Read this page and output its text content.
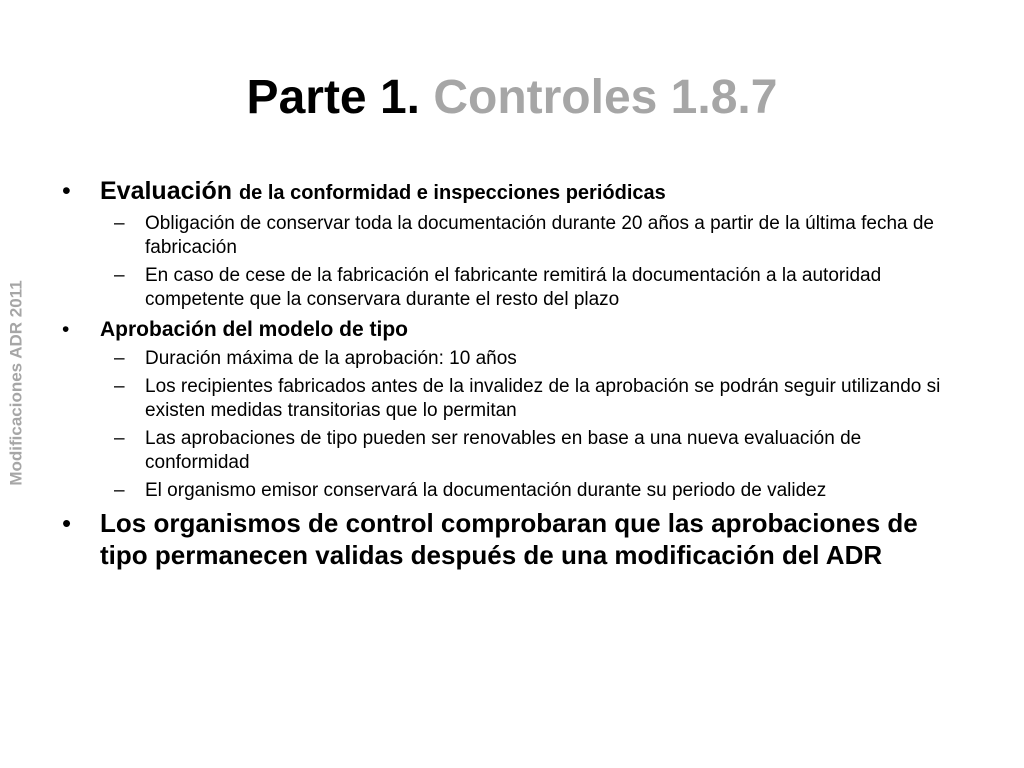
Parte 1. Controles 1.8.7
Modificaciones ADR 2011
• Evaluación de la conformidad e inspecciones periódicas
– Obligación de conservar toda la documentación durante 20 años a partir de la última fecha de fabricación
– En caso de cese de la fabricación el fabricante remitirá la documentación a la autoridad competente que la conservara durante el resto del plazo
• Aprobación del modelo de tipo
– Duración máxima de la aprobación: 10 años
– Los recipientes fabricados antes de la invalidez de la aprobación se podrán seguir utilizando si existen medidas transitorias que lo permitan
– Las aprobaciones de tipo pueden ser renovables en base a una nueva evaluación de conformidad
– El organismo emisor conservará la documentación durante su periodo de validez
• Los organismos de control comprobaran que las aprobaciones de tipo permanecen validas después de una modificación del ADR
